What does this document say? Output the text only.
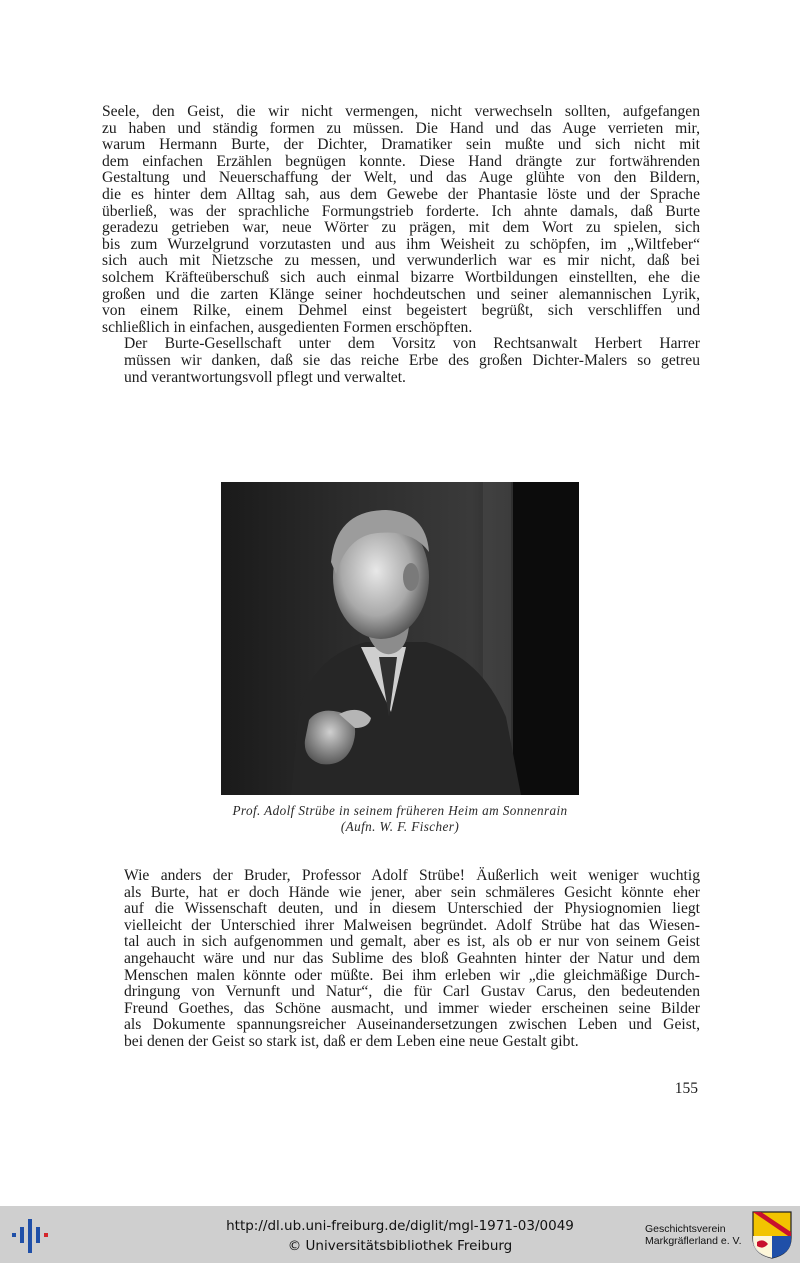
Seele, den Geist, die wir nicht vermengen, nicht verwechseln sollten, aufgefangen
zu haben und ständig formen zu müssen. Die Hand und das Auge verrieten mir,
warum Hermann Burte, der Dichter, Dramatiker sein mußte und sich nicht mit
dem einfachen Erzählen begnügen konnte. Diese Hand drängte zur fortwährenden
Gestaltung und Neuerschaffung der Welt, und das Auge glühte von den Bildern,
die es hinter dem Alltag sah, aus dem Gewebe der Phantasie löste und der Sprache
überließ, was der sprachliche Formungstrieb forderte. Ich ahnte damals, daß Burte
geradezu getrieben war, neue Wörter zu prägen, mit dem Wort zu spielen, sich
bis zum Wurzelgrund vorzutasten und aus ihm Weisheit zu schöpfen, im „Wiltfeber“
sich auch mit Nietzsche zu messen, und verwunderlich war es mir nicht, daß bei
solchem Kräfteüberschuß sich auch einmal bizarre Wortbildungen einstellten, ehe die
großen und die zarten Klänge seiner hochdeutschen und seiner alemannischen Lyrik,
von einem Rilke, einem Dehmel einst begeistert begrüßt, sich verschliffen und
schließlich in einfachen, ausgedienten Formen erschöpften.

Der Burte-Gesellschaft unter dem Vorsitz von Rechtsanwalt Herbert Harrer
müssen wir danken, daß sie das reiche Erbe des großen Dichter-Malers so getreu
und verantwortungsvoll pflegt und verwaltet.

Prof. Adolf Strübe in seinem früheren Heim am Sonnenrain
(Aufn. W. F. Fischer)

Wie anders der Bruder, Professor Adolf Strübe! Äußerlich weit weniger wuchtig
als Burte, hat er doch Hände wie jener, aber sein schmäleres Gesicht könnte eher
auf die Wissenschaft deuten, und in diesem Unterschied der Physiognomien liegt
vielleicht der Unterschied ihrer Malweisen begründet. Adolf Strübe hat das Wiesen-
tal auch in sich aufgenommen und gemalt, aber es ist, als ob er nur von seinem Geist
angehaucht wäre und nur das Sublime des bloß Geahnten hinter der Natur und dem
Menschen malen könnte oder müßte. Bei ihm erleben wir „die gleichmäßige Durch-
dringung von Vernunft und Natur“, die für Carl Gustav Carus, den bedeutenden
Freund Goethes, das Schöne ausmacht, und immer wieder erscheinen seine Bilder
als Dokumente spannungsreicher Auseinandersetzungen zwischen Leben und Geist,
bei denen der Geist so stark ist, daß er dem Leben eine neue Gestalt gibt.

155
http://dl.ub.uni-freiburg.de/diglit/mgl-1971-03/0049
© Universitätsbibliothek Freiburg
Geschichtsverein
Markgräflerland e. V.
